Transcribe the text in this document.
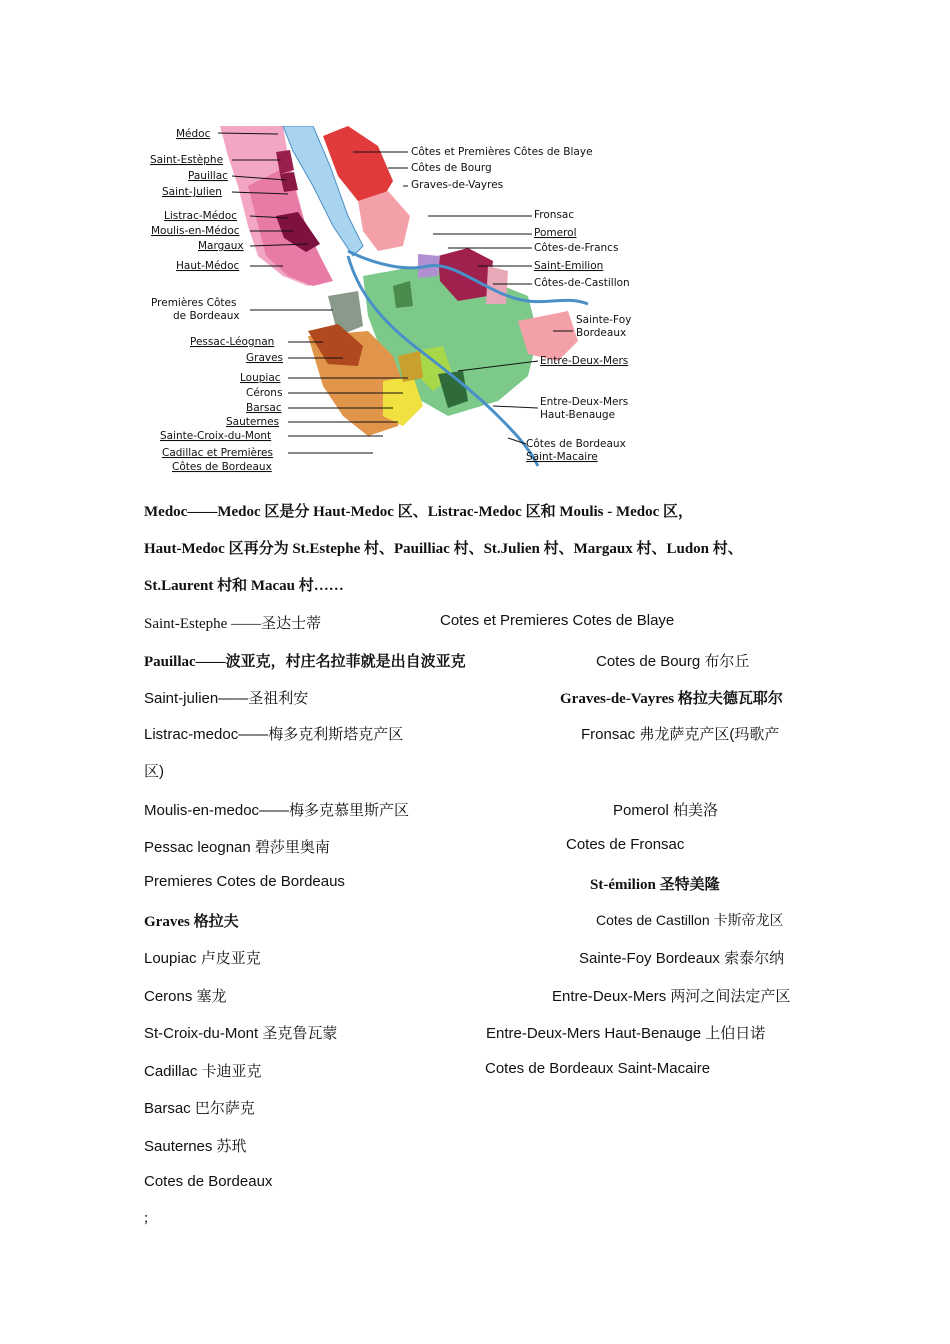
Médoc
Saint-Estèphe
Pauillac
Saint-Julien
Listrac-Médoc
Moulis-en-Médoc
Margaux
Haut-Médoc
Premières Côtes
de Bordeaux
Pessac-Léognan
Graves
Loupiac
Cérons
Barsac
Sauternes
Sainte-Croix-du-Mont
Cadillac et Premières
Côtes de Bordeaux
Côtes et Premières Côtes de Blaye
Côtes de Bourg
Graves-de-Vayres
Fronsac
Pomerol
Côtes-de-Francs
Saint-Emilion
Côtes-de-Castillon
Sainte-Foy
Bordeaux
Entre-Deux-Mers
Entre-Deux-Mers
Haut-Benauge
Côtes de Bordeaux
Saint-Macaire
Medoc——Medoc 区是分 Haut-Medoc 区、Listrac-Medoc 区和 Moulis - Medoc 区，
Haut-Medoc 区再分为 St.Estephe 村、Pauilliac 村、St.Julien 村、Margaux 村、Ludon 村、
St.Laurent 村和 Macau 村……
Saint-Estephe ——圣达士蒂	Cotes et Premieres Cotes de Blaye
Pauillac——波亚克，村庄名拉菲就是出自波亚克	Cotes de Bourg 布尔丘
Saint-julien——圣祖利安	Graves-de-Vayres 格拉夫德瓦耶尔
Listrac-medoc——梅多克利斯塔克产区	Fronsac 弗龙萨克产区(玛歌产
区)
Moulis-en-medoc——梅多克慕里斯产区	Pomerol 柏美洛
Pessac leognan 碧莎里奥南	Cotes de Fronsac
Premieres Cotes de Bordeaus	St-émilion 圣特美隆
Graves 格拉夫	Cotes de Castillon 卡斯帝龙区
Loupiac 卢皮亚克	Sainte-Foy Bordeaux 索泰尔纳
Cerons 塞龙	Entre-Deux-Mers 两河之间法定产区
St-Croix-du-Mont 圣克鲁瓦蒙	Entre-Deux-Mers Haut-Benauge 上伯日诺
Cadillac 卡迪亚克	Cotes de Bordeaux Saint-Macaire
Barsac 巴尔萨克
Sauternes 苏玳
Cotes de Bordeaux
;
